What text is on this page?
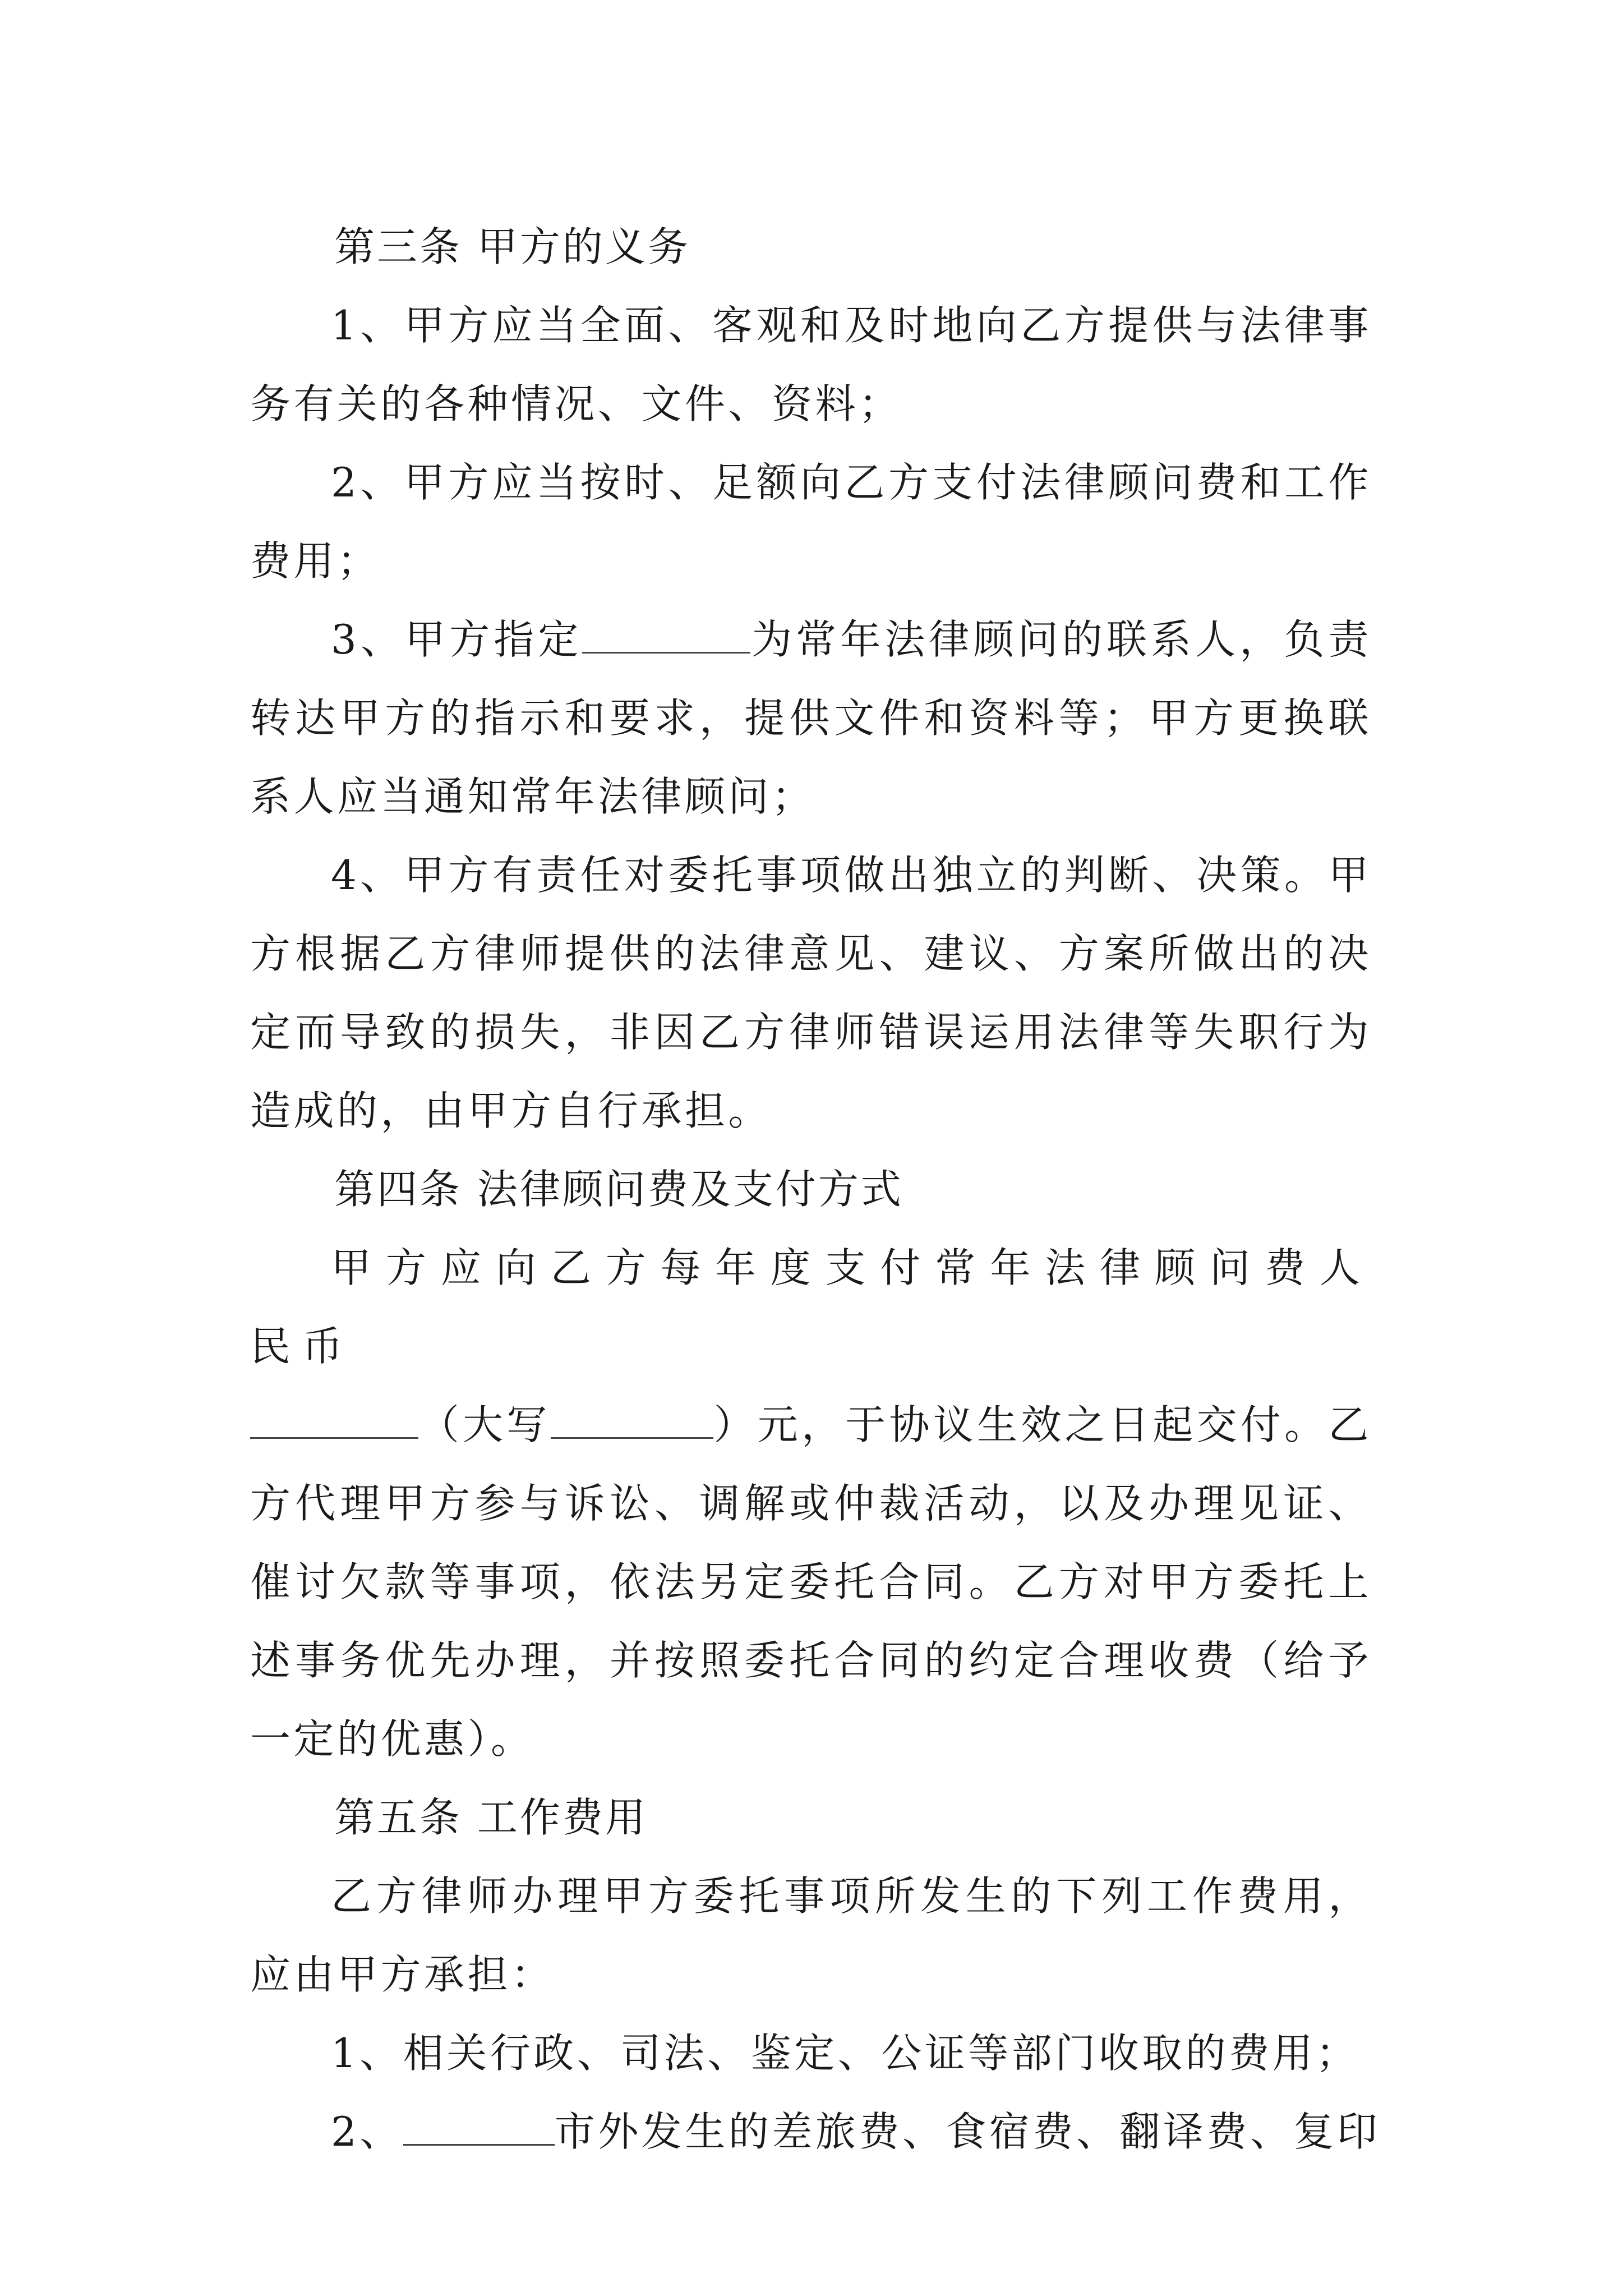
第三条 甲方的义务

1、甲方应当全面、客观和及时地向乙方提供与法律事务有关的各种情况、文件、资料；

2、甲方应当按时、足额向乙方支付法律顾问费和工作费用；

3、甲方指定	为常年法律顾问的联系人，负责转达甲方的指示和要求，提供文件和资料等；甲方更换联系人应当通知常年法律顾问；

4、甲方有责任对委托事项做出独立的判断、决策。甲方根据乙方律师提供的法律意见、建议、方案所做出的决定而导致的损失，非因乙方律师错误运用法律等失职行为造成的，由甲方自行承担。

第四条 法律顾问费及支付方式

甲方应向乙方每年度支付常年法律顾问费人民币

（大写	）元，于协议生效之日起交付。乙方代理甲方参与诉讼、调解或仲裁活动，以及办理见证、催讨欠款等事项，依法另定委托合同。乙方对甲方委托上述事务优先办理，并按照委托合同的约定合理收费（给予一定的优惠）。

第五条 工作费用

乙方律师办理甲方委托事项所发生的下列工作费用，应由甲方承担：

1、相关行政、司法、鉴定、公证等部门收取的费用；

2、	市外发生的差旅费、食宿费、翻译费、复印
